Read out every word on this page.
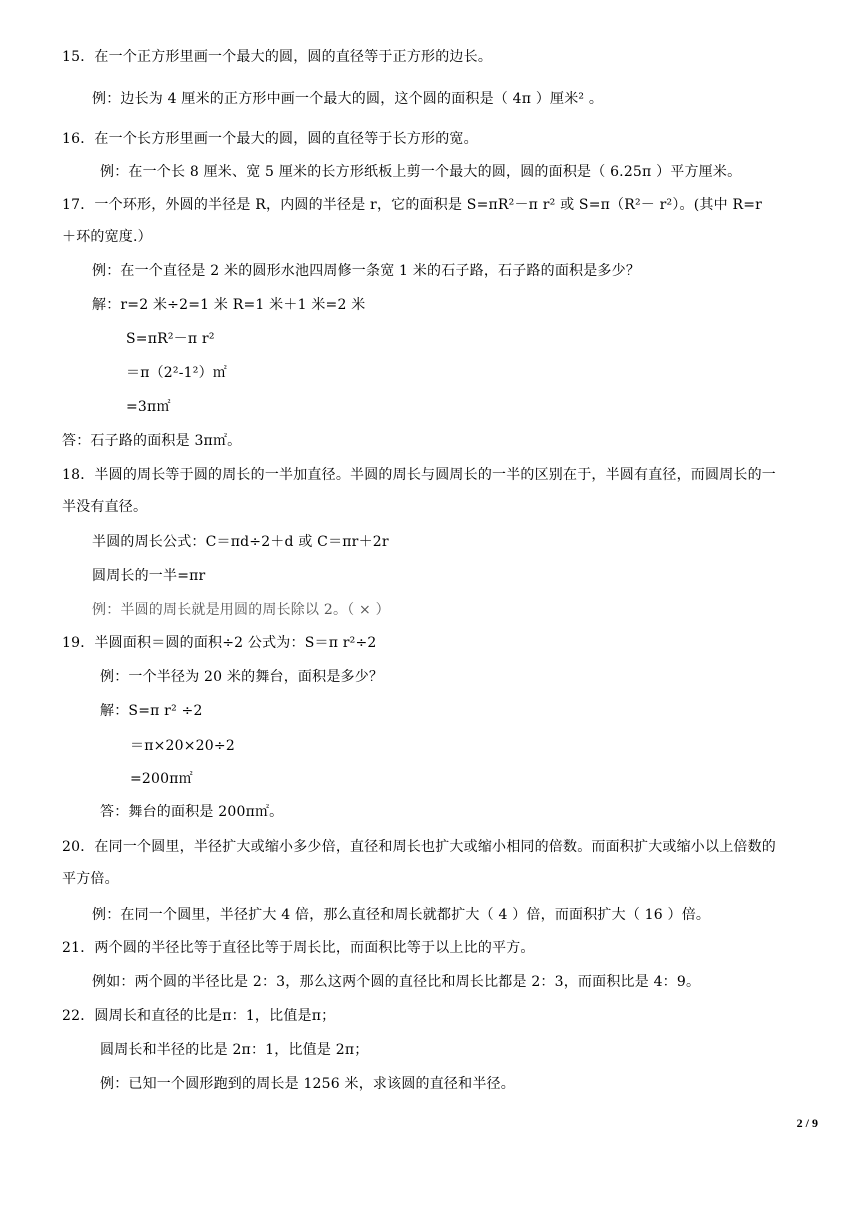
15．在一个正方形里画一个最大的圆，圆的直径等于正方形的边长。
例：边长为 4 厘米的正方形中画一个最大的圆，这个圆的面积是（ 4π ）厘米² 。
16．在一个长方形里画一个最大的圆，圆的直径等于长方形的宽。
例：在一个长 8 厘米、宽 5 厘米的长方形纸板上剪一个最大的圆，圆的面积是（ 6.25π ）平方厘米。
17．一个环形，外圆的半径是 R，内圆的半径是 r，它的面积是 S=πR²－π r² 或 S=π（R²－ r²）。(其中 R=r
＋环的宽度.）
例：在一个直径是 2 米的圆形水池四周修一条宽 1 米的石子路，石子路的面积是多少？
解：r=2 米÷2=1 米 R=1 米＋1 米=2 米
S=πR²－π r²
＝π（2²-1²）㎡
=3π㎡
答：石子路的面积是 3π㎡。
18．半圆的周长等于圆的周长的一半加直径。半圆的周长与圆周长的一半的区别在于，半圆有直径，而圆周长的一
半没有直径。
半圆的周长公式：C＝πd÷2＋d 或 C＝πr＋2r
圆周长的一半=πr
例：半圆的周长就是用圆的周长除以 2。（ × ）
19．半圆面积＝圆的面积÷2 公式为：S＝π r²÷2
例：一个半径为 20 米的舞台，面积是多少？
解：S=π r² ÷2
＝π×20×20÷2
=200π㎡
答：舞台的面积是 200π㎡。
20．在同一个圆里，半径扩大或缩小多少倍，直径和周长也扩大或缩小相同的倍数。而面积扩大或缩小以上倍数的
平方倍。
例：在同一个圆里，半径扩大 4 倍，那么直径和周长就都扩大（ 4 ）倍，而面积扩大（ 16 ）倍。
21．两个圆的半径比等于直径比等于周长比，而面积比等于以上比的平方。
例如：两个圆的半径比是 2：3，那么这两个圆的直径比和周长比都是 2：3，而面积比是 4：9。
22．圆周长和直径的比是π：1，比值是π；
圆周长和半径的比是 2π：1，比值是 2π；
例：已知一个圆形跑到的周长是 1256 米，求该圆的直径和半径。
2 / 9
